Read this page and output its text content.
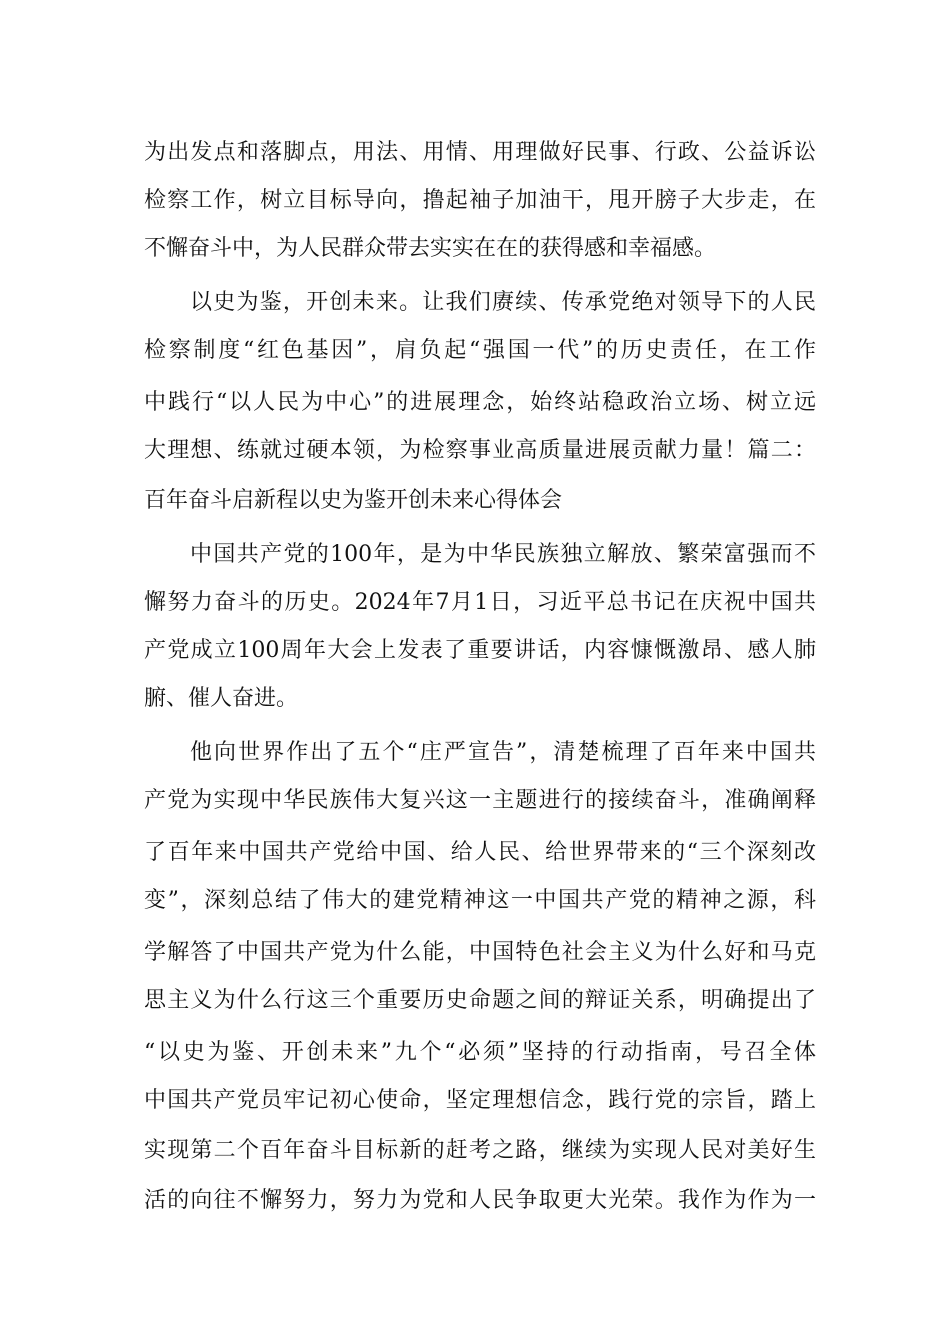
为出发点和落脚点，用法、用情、用理做好民事、行政、公益诉讼
检察工作，树立目标导向，撸起袖子加油干，甩开膀子大步走，在
不懈奋斗中，为人民群众带去实实在在的获得感和幸福感。
以史为鉴，开创未来。让我们赓续、传承党绝对领导下的人民
检察制度“红色基因”，肩负起“强国一代”的历史责任，在工作
中践行“以人民为中心”的进展理念，始终站稳政治立场、树立远
大理想、练就过硬本领，为检察事业高质量进展贡献力量！篇二：
百年奋斗启新程以史为鉴开创未来心得体会
中国共产党的100年，是为中华民族独立解放、繁荣富强而不
懈努力奋斗的历史。2024年7月1日，习近平总书记在庆祝中国共
产党成立100周年大会上发表了重要讲话，内容慷慨激昂、感人肺
腑、催人奋进。
他向世界作出了五个“庄严宣告”，清楚梳理了百年来中国共
产党为实现中华民族伟大复兴这一主题进行的接续奋斗，准确阐释
了百年来中国共产党给中国、给人民、给世界带来的“三个深刻改
变”，深刻总结了伟大的建党精神这一中国共产党的精神之源，科
学解答了中国共产党为什么能，中国特色社会主义为什么好和马克
思主义为什么行这三个重要历史命题之间的辩证关系，明确提出了
“以史为鉴、开创未来”九个“必须”坚持的行动指南，号召全体
中国共产党员牢记初心使命，坚定理想信念，践行党的宗旨，踏上
实现第二个百年奋斗目标新的赶考之路，继续为实现人民对美好生
活的向往不懈努力，努力为党和人民争取更大光荣。我作为作为一
